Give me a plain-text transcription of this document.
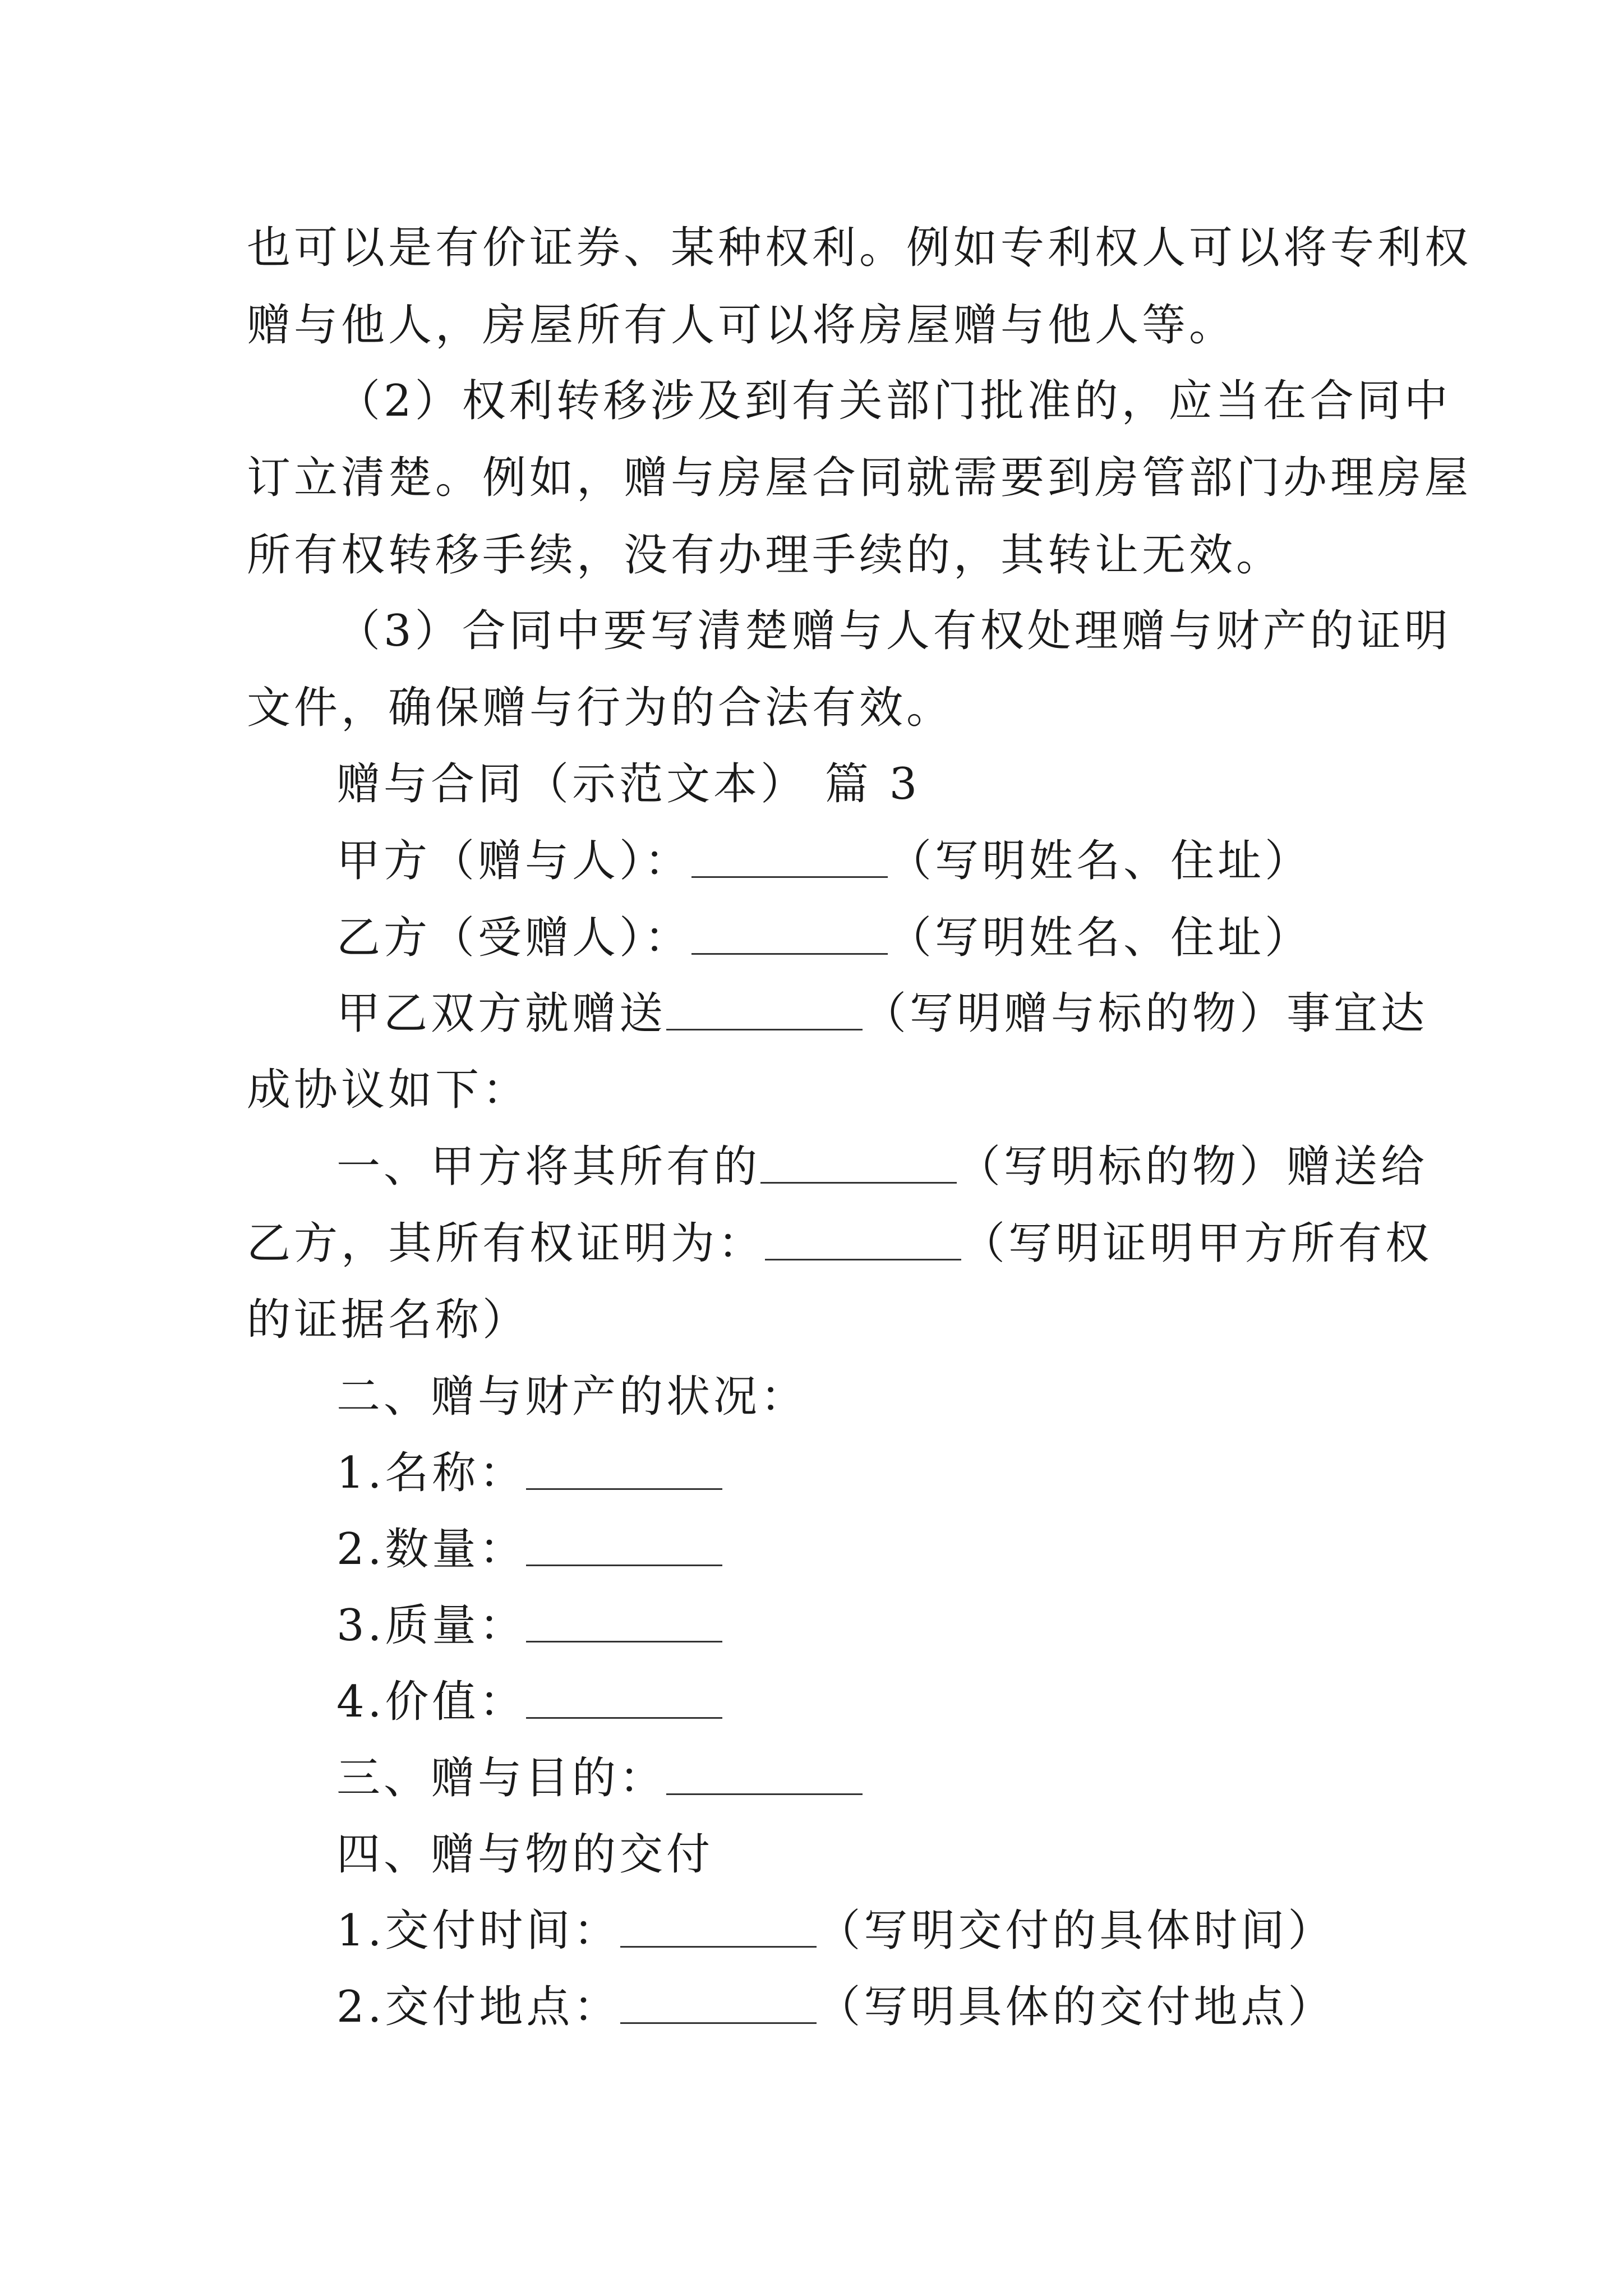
也可以是有价证券、某种权利。例如专利权人可以将专利权
赠与他人，房屋所有人可以将房屋赠与他人等。
（2）权利转移涉及到有关部门批准的，应当在合同中
订立清楚。例如，赠与房屋合同就需要到房管部门办理房屋
所有权转移手续，没有办理手续的，其转让无效。
（3）合同中要写清楚赠与人有权处理赠与财产的证明
文件，确保赠与行为的合法有效。
赠与合同（示范文本） 篇 3
甲方（赠与人）：	（写明姓名、住址）
乙方（受赠人）：	（写明姓名、住址）
甲乙双方就赠送	（写明赠与标的物）事宜达
成协议如下：
一、甲方将其所有的	（写明标的物）赠送给
乙方，其所有权证明为：	（写明证明甲方所有权
的证据名称）
二、赠与财产的状况：
1.名称：
2.数量：
3.质量：
4.价值：
三、赠与目的：
四、赠与物的交付
1.交付时间：	（写明交付的具体时间）
2.交付地点：	（写明具体的交付地点）
